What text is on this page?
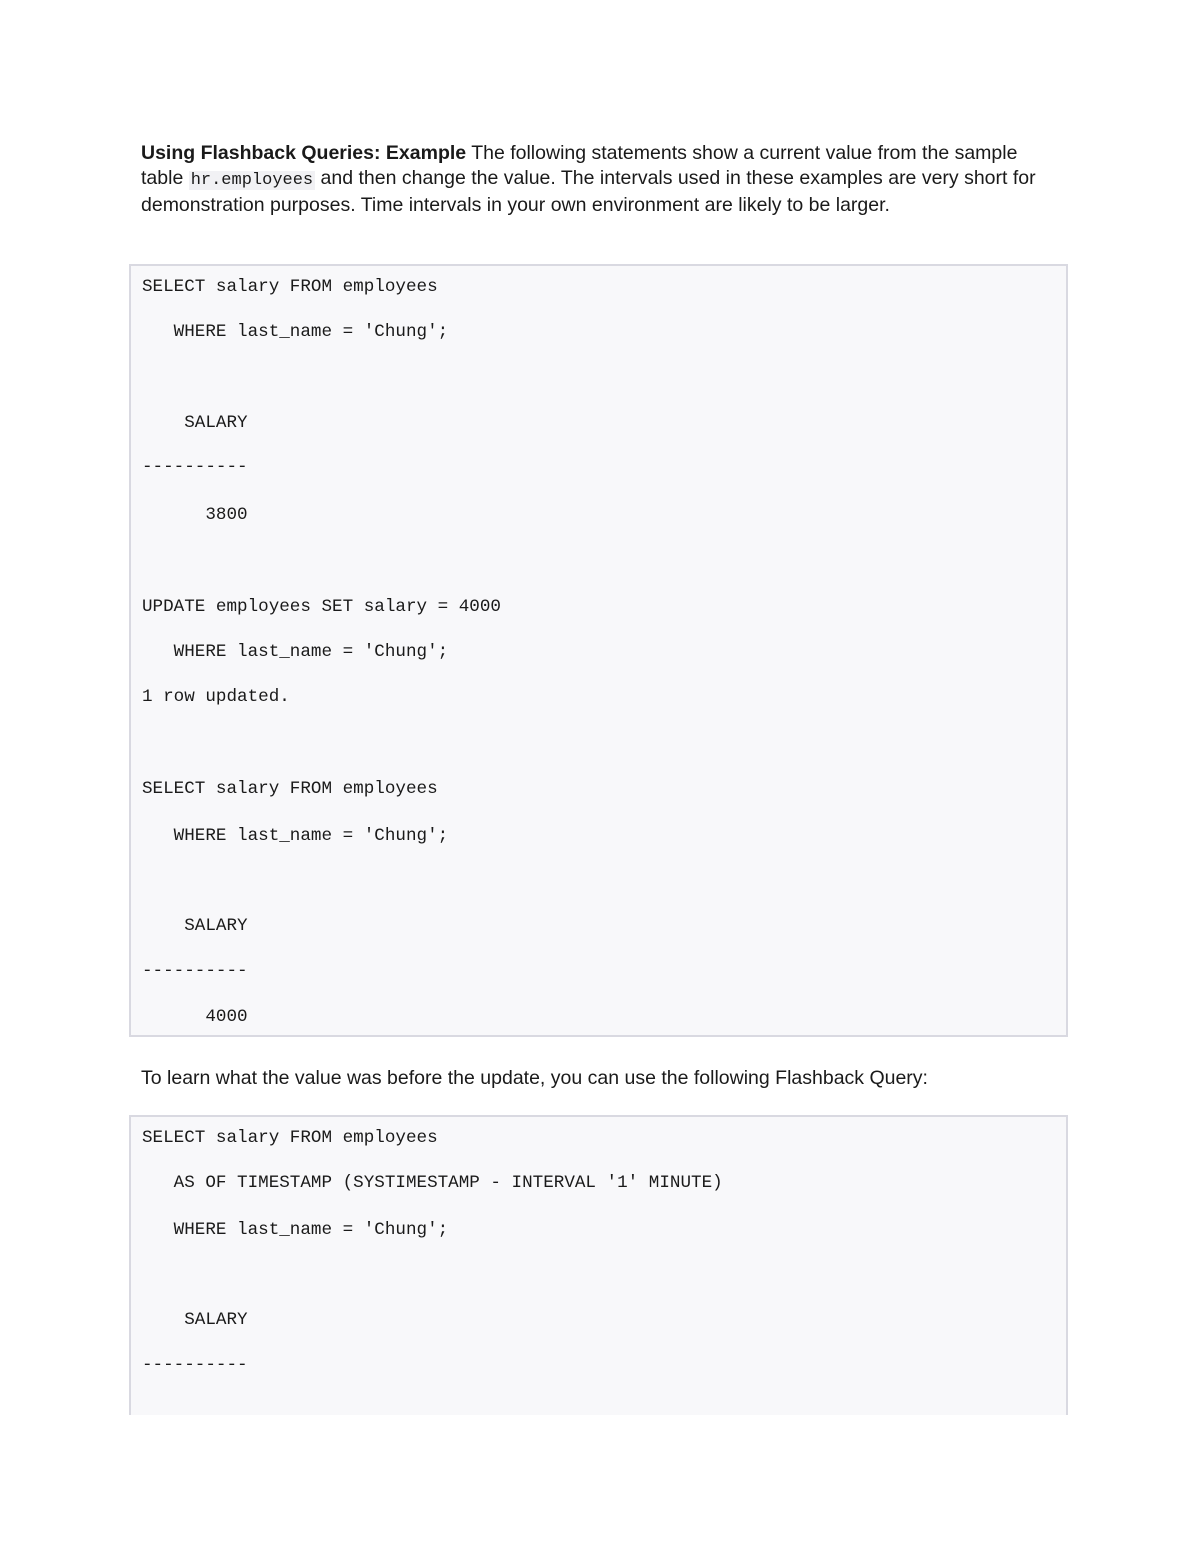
Using Flashback Queries: Example The following statements show a current value from the sample table hr.employees and then change the value. The intervals used in these examples are very short for demonstration purposes. Time intervals in your own environment are likely to be larger.

SELECT salary FROM employees
WHERE last_name = 'Chung';
SALARY
----------
3800
UPDATE employees SET salary = 4000
WHERE last_name = 'Chung';
1 row updated.
SELECT salary FROM employees
WHERE last_name = 'Chung';
SALARY
----------
4000
To learn what the value was before the update, you can use the following Flashback Query:
SELECT salary FROM employees
AS OF TIMESTAMP (SYSTIMESTAMP - INTERVAL '1' MINUTE)
WHERE last_name = 'Chung';
SALARY
----------
